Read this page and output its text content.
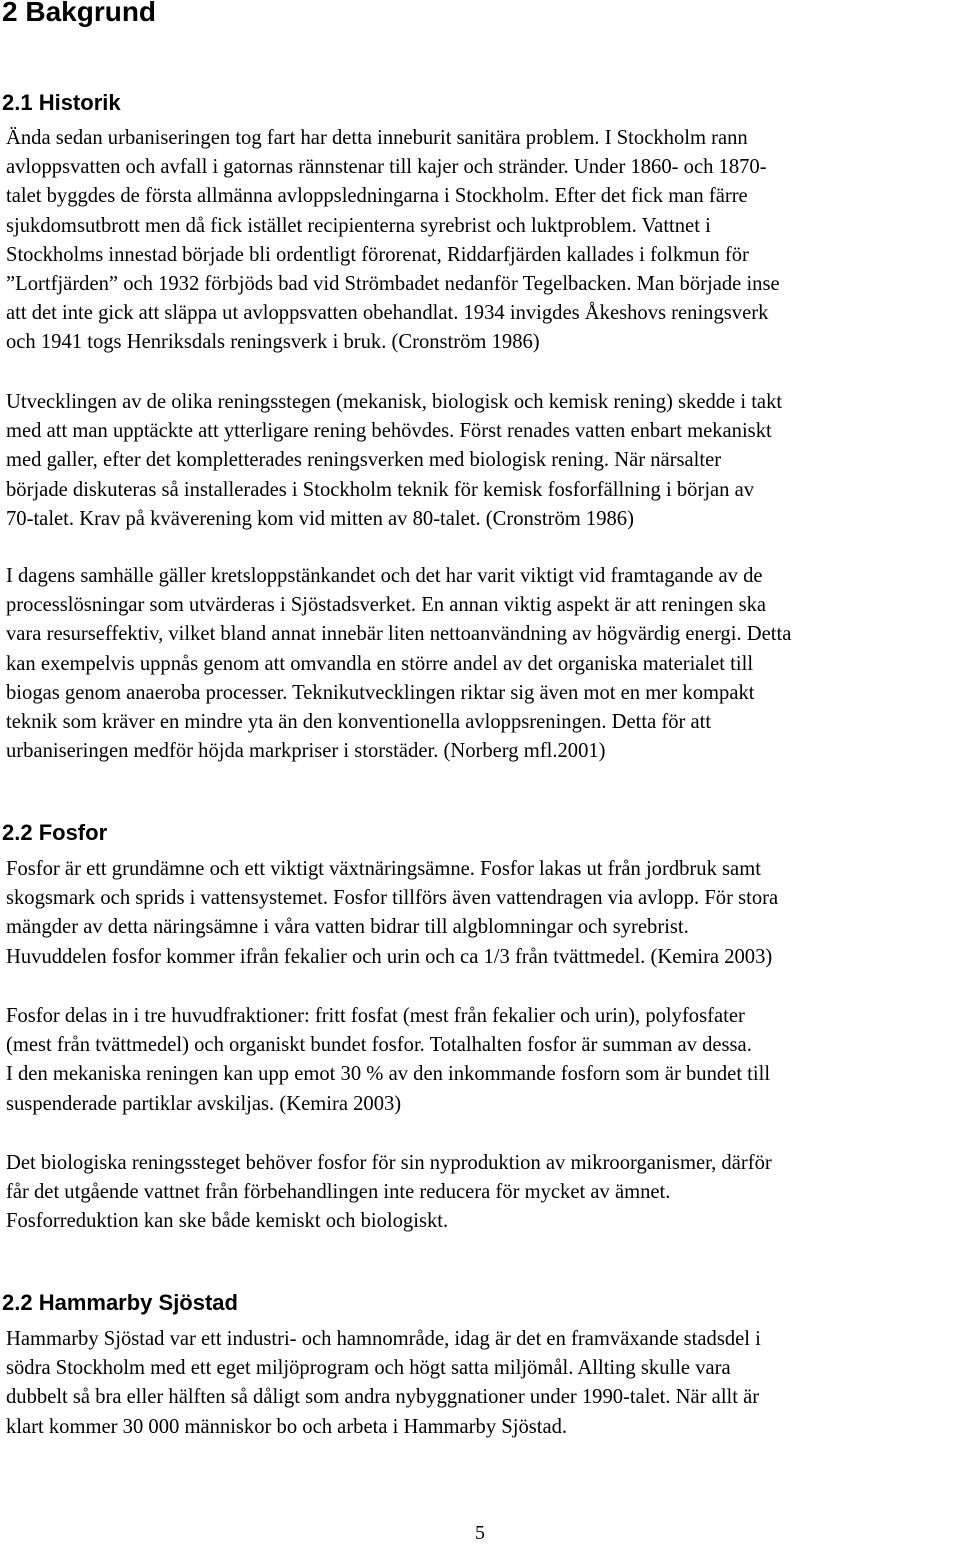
2 Bakgrund
2.1 Historik
Ända sedan urbaniseringen tog fart har detta inneburit sanitära problem. I Stockholm rann
avloppsvatten och avfall i gatornas rännstenar till kajer och stränder. Under 1860- och 1870-
talet byggdes de första allmänna avloppsledningarna i Stockholm. Efter det fick man färre
sjukdomsutbrott men då fick istället recipienterna syrebrist och luktproblem. Vattnet i
Stockholms innestad började bli ordentligt förorenat, Riddarfjärden kallades i folkmun för
”Lortfjärden” och 1932 förbjöds bad vid Strömbadet nedanför Tegelbacken. Man började inse
att det inte gick att släppa ut avloppsvatten obehandlat. 1934 invigdes Åkeshovs reningsverk
och 1941 togs Henriksdals reningsverk i bruk. (Cronström 1986)
Utvecklingen av de olika reningsstegen (mekanisk, biologisk och kemisk rening) skedde i takt
med att man upptäckte att ytterligare rening behövdes. Först renades vatten enbart mekaniskt
med galler, efter det kompletterades reningsverken med biologisk rening. När närsalter
började diskuteras så installerades i Stockholm teknik för kemisk fosforfällning i början av
70-talet. Krav på kväverening kom vid mitten av 80-talet. (Cronström 1986)
I dagens samhälle gäller kretsloppstänkandet och det har varit viktigt vid framtagande av de
processlösningar som utvärderas i Sjöstadsverket. En annan viktig aspekt är att reningen ska
vara resurseffektiv, vilket bland annat innebär liten nettoanvändning av högvärdig energi. Detta
kan exempelvis uppnås genom att omvandla en större andel av det organiska materialet till
biogas genom anaeroba processer. Teknikutvecklingen riktar sig även mot en mer kompakt
teknik som kräver en mindre yta än den konventionella avloppsreningen. Detta för att
urbaniseringen medför höjda markpriser i storstäder. (Norberg mfl.2001)
2.2 Fosfor
Fosfor är ett grundämne och ett viktigt växtnäringsämne. Fosfor lakas ut från jordbruk samt
skogsmark och sprids i vattensystemet. Fosfor tillförs även vattendragen via avlopp. För stora
mängder av detta näringsämne i våra vatten bidrar till algblomningar och syrebrist.
Huvuddelen fosfor kommer ifrån fekalier och urin och ca 1/3 från tvättmedel. (Kemira 2003)
Fosfor delas in i tre huvudfraktioner: fritt fosfat (mest från fekalier och urin), polyfosfater
(mest från tvättmedel) och organiskt bundet fosfor. Totalhalten fosfor är summan av dessa.
I den mekaniska reningen kan upp emot 30 % av den inkommande fosforn som är bundet till
suspenderade partiklar avskiljas. (Kemira 2003)
Det biologiska reningssteget behöver fosfor för sin nyproduktion av mikroorganismer, därför
får det utgående vattnet från förbehandlingen inte reducera för mycket av ämnet.
Fosforreduktion kan ske både kemiskt och biologiskt.
2.2 Hammarby Sjöstad
Hammarby Sjöstad var ett industri- och hamnområde, idag är det en framväxande stadsdel i
södra Stockholm med ett eget miljöprogram och högt satta miljömål. Allting skulle vara
dubbelt så bra eller hälften så dåligt som andra nybyggnationer under 1990-talet. När allt är
klart kommer 30 000 människor bo och arbeta i Hammarby Sjöstad.
5
